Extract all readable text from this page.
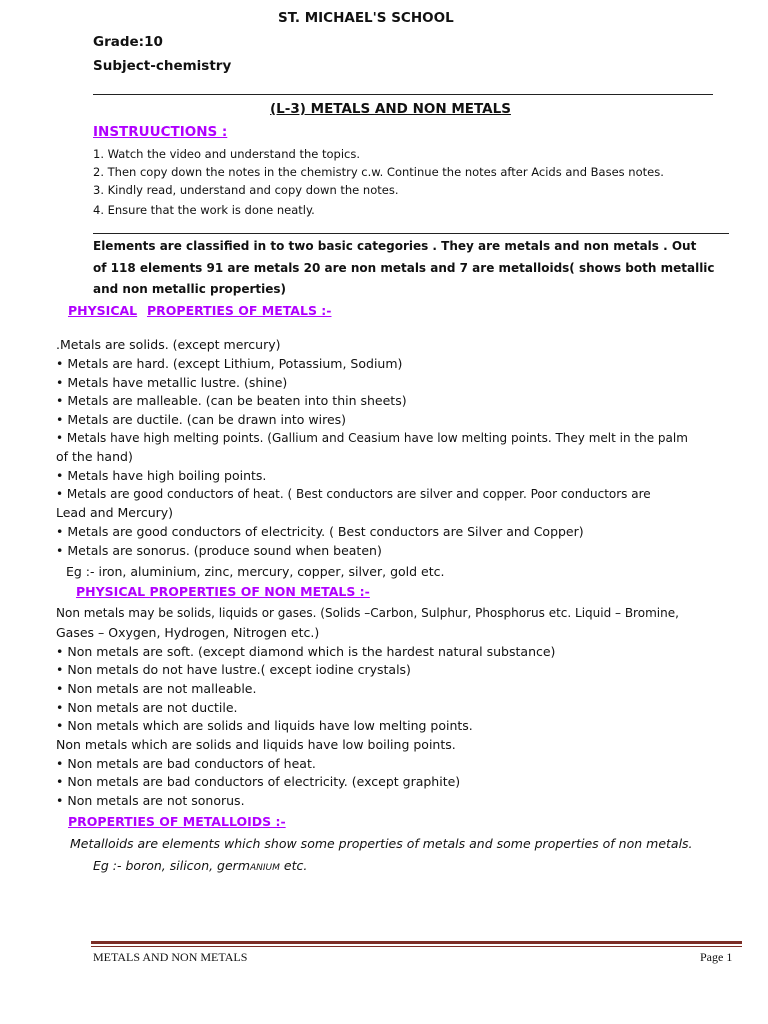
ST. MICHAEL'S SCHOOL
Grade:10
Subject-chemistry
(L-3) METALS AND NON METALS
INSTRUUCTIONS :
1. Watch the video and understand the topics.
2. Then copy down the notes in the chemistry c.w. Continue the notes after Acids and Bases notes.
3. Kindly read, understand and copy down the notes.
4. Ensure that the work is done neatly.
Elements are classified in to two basic categories . They are metals and non metals . Out
of 118 elements 91 are metals 20 are non metals and 7 are metalloids( shows both metallic
and non metallic properties)
PHYSICAL PROPERTIES OF METALS :-
.Metals are solids. (except mercury)
• Metals are hard. (except Lithium, Potassium, Sodium)
• Metals have metallic lustre. (shine)
• Metals are malleable. (can be beaten into thin sheets)
• Metals are ductile. (can be drawn into wires)
• Metals have high melting points. (Gallium and Ceasium have low melting points. They melt in the palm
of the hand)
• Metals have high boiling points.
• Metals are good conductors of heat. ( Best conductors are silver and copper. Poor conductors are
Lead and Mercury)
• Metals are good conductors of electricity. ( Best conductors are Silver and Copper)
• Metals are sonorus. (produce sound when beaten)
Eg :- iron, aluminium, zinc, mercury, copper, silver, gold etc.
PHYSICAL PROPERTIES OF NON METALS :-
Non metals may be solids, liquids or gases. (Solids –Carbon, Sulphur, Phosphorus etc. Liquid – Bromine,
Gases – Oxygen, Hydrogen, Nitrogen etc.)
• Non metals are soft. (except diamond which is the hardest natural substance)
• Non metals do not have lustre.( except iodine crystals)
• Non metals are not malleable.
• Non metals are not ductile.
• Non metals which are solids and liquids have low melting points.
Non metals which are solids and liquids have low boiling points.
• Non metals are bad conductors of heat.
• Non metals are bad conductors of electricity. (except graphite)
• Non metals are not sonorus.
PROPERTIES OF METALLOIDS :-
Metalloids are elements which show some properties of metals and some properties of non metals.
Eg :- boron, silicon, germANIUM etc.
METALS AND NON METALS	Page 1
